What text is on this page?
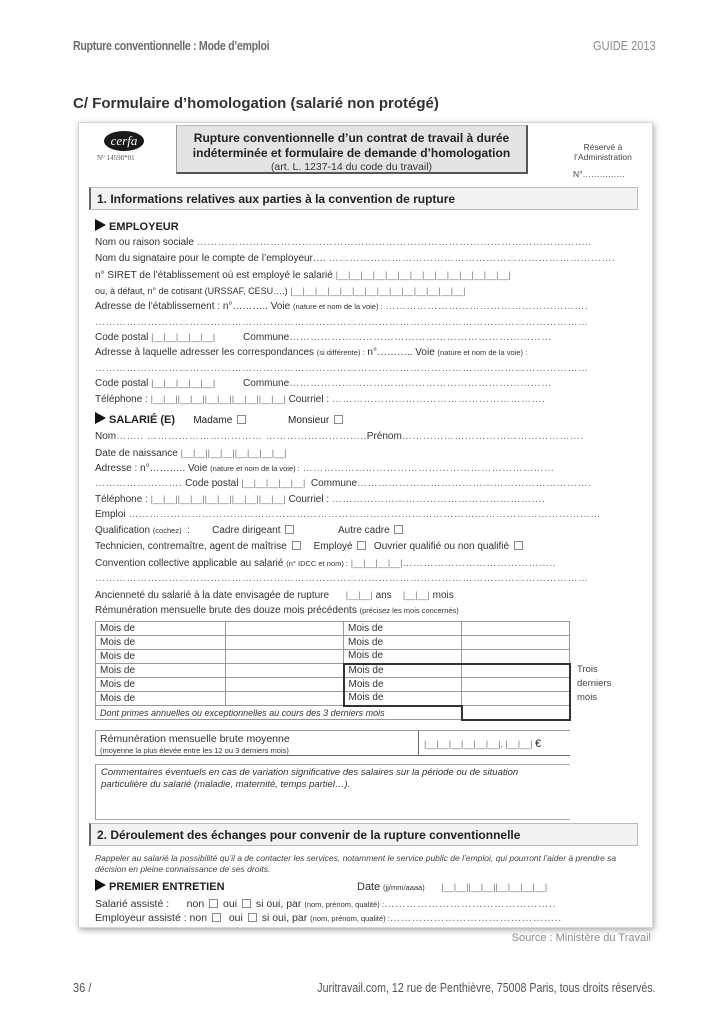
Rupture conventionnelle : Mode d’emploi	GUIDE 2013
C/ Formulaire d’homologation (salarié non protégé)
cerfa
N° 14598*01
Rupture conventionnelle d’un contrat de travail à durée
indéterminée et formulaire de demande d’homologation
(art. L. 1237-14 du code du travail)
Réservé à l’Administration
N°……………
1. Informations relatives aux parties à la convention de rupture
EMPLOYEUR
Nom ou raison sociale …………………………………………………………………………………………………..
Nom du signataire pour le compte de l’employeur…. ……………………………………………………………………….
n° SIRET de l’établissement où est employé le salarié |__|__|__|__|__|__|__|__|__|__|__|__|__|__|
ou, à défaut, n° de cotisant (URSSAF, CESU….) |__|__|__|__|__|__|__|__|__|__|__|__|__|__|
Adresse de l’établissement : n°……….. Voie (nature et nom de la voie) : ………………………………………………….
……………………………………………………………………………………………………………………………
Code postal |__|__|__|__|__|	Commune…………………………………………………………………
Adresse à laquelle adresser les correspondances (si différente) : n°……….. Voie (nature et nom de la voie) :
……………………………………………………………………………………………………………………………
Code postal |__|__|__|__|__|	Commune…………………………………………………………………
Téléphone : |__|__||__|__||__|__||__|__||__|__| Courriel : …………………………………………………….
SALARIÉ (E) Madame	Monsieur
Nom…….. …………………………… ………………………..Prénom…………………………………………….
Date de naissance |__|__||__|__||__|__|__|__|
Adresse : n°……….. Voie (nature et nom de la voie) : ………………………………………………………………
……………………. Code postal |__|__|__|__|__| Commune………………………………………………………….
Téléphone : |__|__||__|__||__|__||__|__||__|__| Courriel : …………………………………………………….
Emploi ………………………………………………………………………………………………………………………
Qualification (cochez)  :        Cadre dirigeant	Autre cadre
Technicien, contremaître, agent de maîtrise	Employé Ouvrier qualifié ou non qualifié
Convention collective applicable au salarié (n° IDCC et nom) : |__|__|__|__|……………………………………..
……………………………………………………………………………………………………………………………
Ancienneté du salarié à la date envisagée de rupture |__|__| ans |__|__| mois
Rémunération mensuelle brute des douze mois précédents (précisez les mois concernés)
Mois de		Mois de	
Mois de		Mois de	
Mois de		Mois de	
Mois de		Mois de	
Mois de		Mois de	
Mois de		Mois de	
Dont primes annuelles ou exceptionnelles au cours des 3 derniers mois			
Trois
derniers
mois
Rémunération mensuelle brute moyenne
(moyenne la plus élevée entre les 12 ou 3 derniers mois)
|__|__|__|__|__|__|, |__|__| €
Commentaires éventuels en cas de variation significative des salaires sur la période ou de situation particulière du salarié (maladie, maternité, temps partiel…).
2. Déroulement des échanges pour convenir de la rupture conventionnelle
Rappeler au salarié la possibilité qu’il a de contacter les services, notamment le service public de l’emploi, qui pourront l’aider à prendre sa décision en pleine connaissance de ses droits.
PREMIER ENTRETIEN	Date (jj/mm/aaaa) |__|__||__|__||__|__|__|__|
Salarié assisté : non oui si oui, par (nom, prénom, qualité) :………………………………………..
Employeur assisté : non oui si oui, par (nom, prénom, qualité) :………………………………………..
Source : Ministère du Travail
36 /	Juritravail.com, 12 rue de Penthièvre, 75008 Paris, tous droits réservés.
